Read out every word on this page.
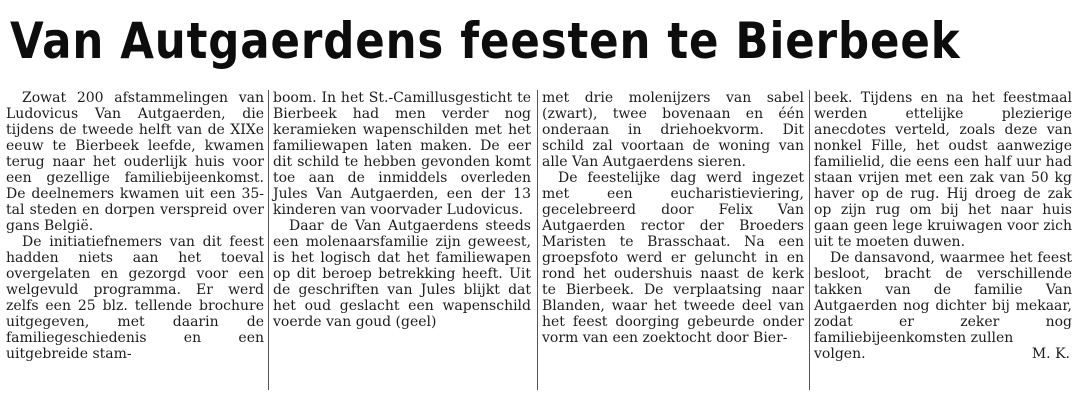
Van Autgaerdens feesten te Bierbeek

Zowat 200 afstammelingen van Ludovicus Van Autgaerden, die tijdens de tweede helft van de XIXe eeuw te Bierbeek leefde, kwamen terug naar het ouderlijk huis voor een gezellige familiebijeenkomst. De deelnemers kwamen uit een 35-tal steden en dorpen verspreid over gans België.

De initiatiefnemers van dit feest hadden niets aan het toeval overgelaten en gezorgd voor een welgevuld programma. Er werd zelfs een 25 blz. tellende brochure uitgegeven, met daarin de familiegeschiedenis en een uitgebreide stam-

boom. In het St.-Camillusgesticht te Bierbeek had men verder nog keramieken wapenschilden met het familiewapen laten maken. De eer dit schild te hebben gevonden komt toe aan de inmiddels overleden Jules Van Autgaerden, een der 13 kinderen van voorvader Ludovicus.

Daar de Van Autgaerdens steeds een molenaarsfamilie zijn geweest, is het logisch dat het familiewapen op dit beroep betrekking heeft. Uit de geschriften van Jules blijkt dat het oud geslacht een wapenschild voerde van goud (geel)

met drie molenijzers van sabel (zwart), twee bovenaan en één onderaan in driehoekvorm. Dit schild zal voortaan de woning van alle Van Autgaerdens sieren.

De feestelijke dag werd ingezet met een eucharistieviering, gecelebreerd door Felix Van Autgaerden rector der Broeders Maristen te Brasschaat. Na een groepsfoto werd er geluncht in en rond het oudershuis naast de kerk te Bierbeek. De verplaatsing naar Blanden, waar het tweede deel van het feest doorging gebeurde onder vorm van een zoektocht door Bier-

beek. Tijdens en na het feestmaal werden ettelijke plezierige anecdotes verteld, zoals deze van nonkel Fille, het oudst aanwezige familielid, die eens een half uur had staan vrijen met een zak van 50 kg haver op de rug. Hij droeg de zak op zijn rug om bij het naar huis gaan geen lege kruiwagen voor zich uit te moeten duwen.

De dansavond, waarmee het feest besloot, bracht de verschillende takken van de familie Van Autgaerden nog dichter bij mekaar, zodat er zeker nog familiebijeenkomsten zullen

volgen.	M. K.
